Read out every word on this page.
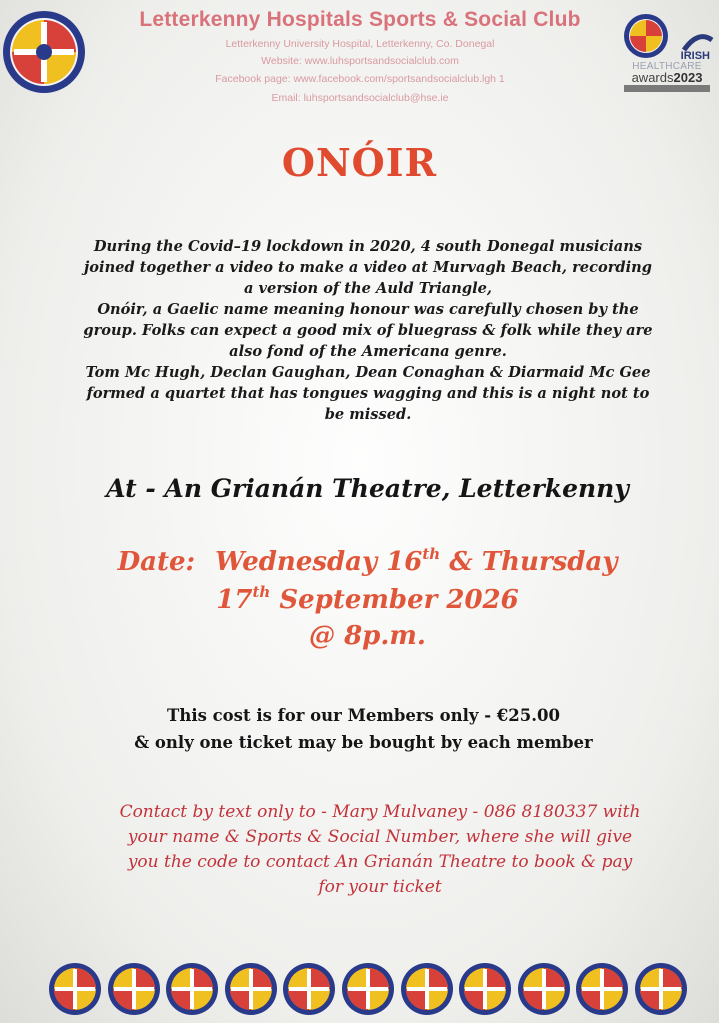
Letterkenny Hospitals Sports & Social Club
Letterkenny University Hospital, Letterkenny, Co. Donegal
Website: www.luhsportsandsocialclub.com
Facebook page: www.facebook.com/sportsandsocialclub.lgh 1
Email: luhsportsandsocialclub@hse.ie
IRISH
HEALTHCARE
awards2023
ONÓIR
During the Covid–19 lockdown in 2020, 4 south Donegal musicians
joined together a video to make a video at Murvagh Beach, recording
a version of the Auld Triangle,
Onóir, a Gaelic name meaning honour was carefully chosen by the
group. Folks can expect a good mix of bluegrass & folk while they are
also fond of the Americana genre.
Tom Mc Hugh, Declan Gaughan, Dean Conaghan & Diarmaid Mc Gee
formed a quartet that has tongues wagging and this is a night not to
be missed.
At - An Grianán Theatre, Letterkenny
Date: Wednesday 16th & Thursday
17th September 2026
@ 8p.m.
This cost is for our Members only - €25.00
& only one ticket may be bought by each member
Contact by text only to - Mary Mulvaney - 086 8180337 with
your name & Sports & Social Number, where she will give
you the code to contact An Grianán Theatre to book & pay
for your ticket
